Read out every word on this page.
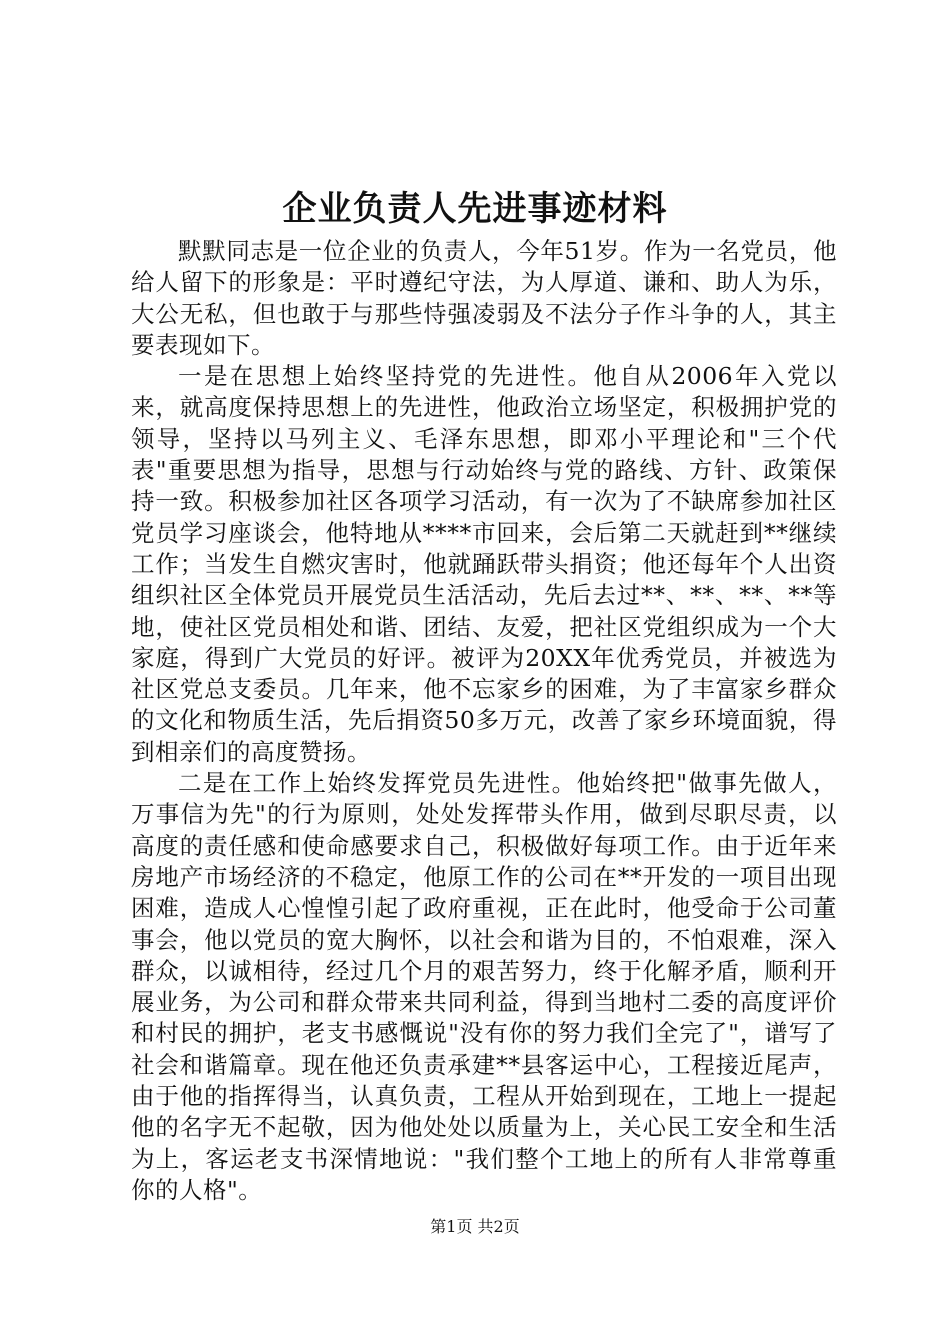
企业负责人先进事迹材料

默默同志是一位企业的负责人，今年51岁。作为一名党员，他给人留下的形象是：平时遵纪守法，为人厚道、谦和、助人为乐，大公无私，但也敢于与那些恃强凌弱及不法分子作斗争的人，其主要表现如下。

一是在思想上始终坚持党的先进性。他自从2006年入党以来，就高度保持思想上的先进性，他政治立场坚定，积极拥护党的领导，坚持以马列主义、毛泽东思想，即邓小平理论和"三个代表"重要思想为指导，思想与行动始终与党的路线、方针、政策保持一致。积极参加社区各项学习活动，有一次为了不缺席参加社区党员学习座谈会，他特地从****市回来，会后第二天就赶到**继续工作；当发生自燃灾害时，他就踊跃带头捐资；他还每年个人出资组织社区全体党员开展党员生活活动，先后去过**、**、**、**等地，使社区党员相处和谐、团结、友爱，把社区党组织成为一个大家庭，得到广大党员的好评。被评为20XX年优秀党员，并被选为社区党总支委员。几年来，他不忘家乡的困难，为了丰富家乡群众的文化和物质生活，先后捐资50多万元，改善了家乡环境面貌，得到相亲们的高度赞扬。

二是在工作上始终发挥党员先进性。他始终把"做事先做人，万事信为先"的行为原则，处处发挥带头作用，做到尽职尽责，以高度的责任感和使命感要求自己，积极做好每项工作。由于近年来房地产市场经济的不稳定，他原工作的公司在**开发的一项目出现困难，造成人心惶惶引起了政府重视，正在此时，他受命于公司董事会，他以党员的宽大胸怀，以社会和谐为目的，不怕艰难，深入群众，以诚相待，经过几个月的艰苦努力，终于化解矛盾，顺利开展业务，为公司和群众带来共同利益，得到当地村二委的高度评价和村民的拥护，老支书感慨说"没有你的努力我们全完了"，谱写了社会和谐篇章。现在他还负责承建**县客运中心，工程接近尾声，由于他的指挥得当，认真负责，工程从开始到现在，工地上一提起他的名字无不起敬，因为他处处以质量为上，关心民工安全和生活为上，客运老支书深情地说："我们整个工地上的所有人非常尊重你的人格"。

第1页 共2页
